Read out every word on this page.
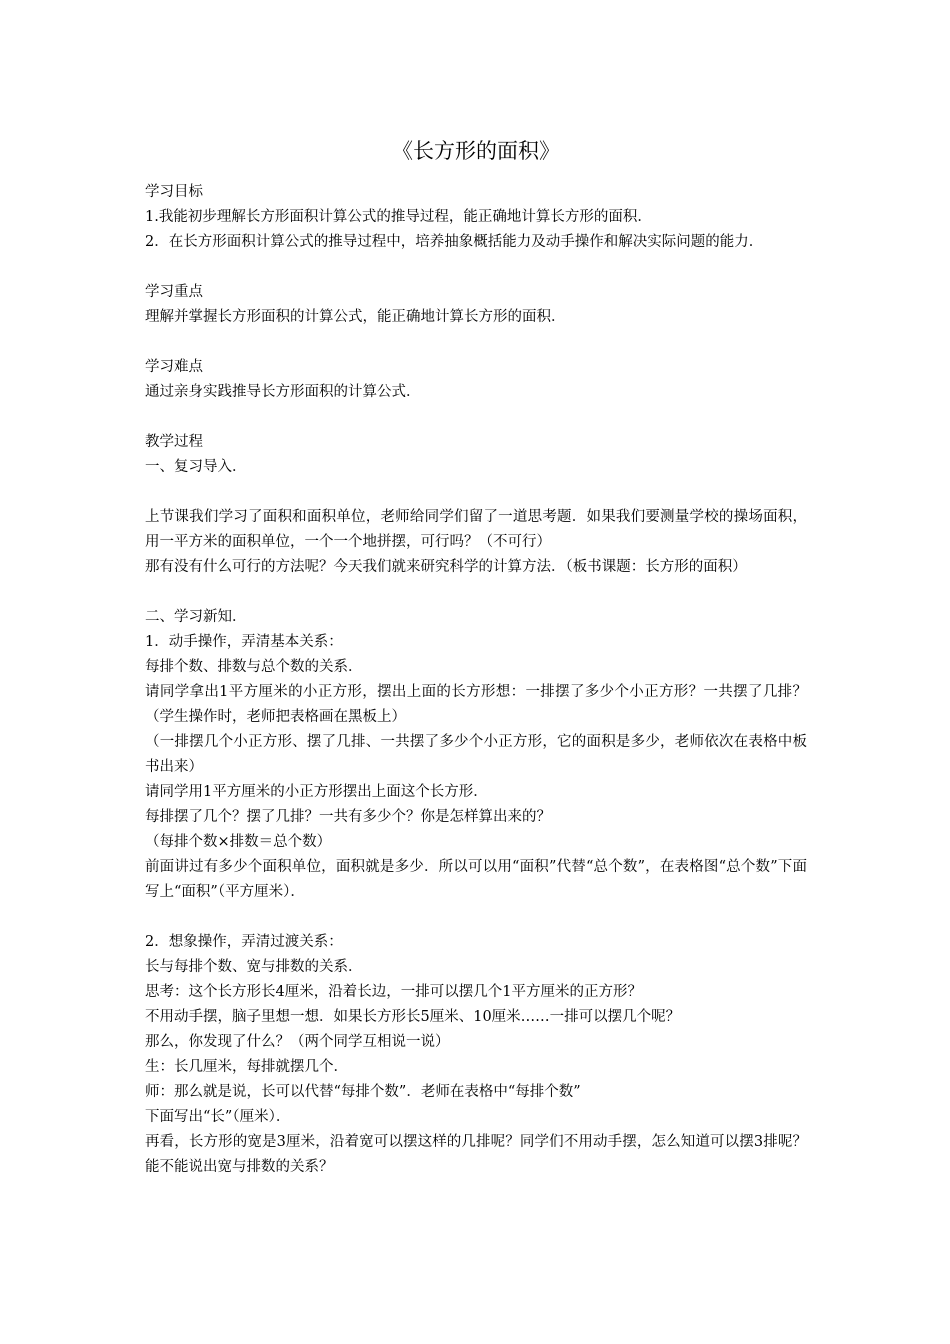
《长方形的面积》

学习目标

1.我能初步理解长方形面积计算公式的推导过程，能正确地计算长方形的面积．

2．在长方形面积计算公式的推导过程中，培养抽象概括能力及动手操作和解决实际问题的能力．

学习重点

理解并掌握长方形面积的计算公式，能正确地计算长方形的面积．

学习难点

通过亲身实践推导长方形面积的计算公式．

教学过程

一、复习导入．

上节课我们学习了面积和面积单位，老师给同学们留了一道思考题．如果我们要测量学校的操场面积，用一平方米的面积单位，一个一个地拼摆，可行吗？（不可行）

那有没有什么可行的方法呢？今天我们就来研究科学的计算方法．（板书课题：长方形的面积）

二、学习新知．

1．动手操作，弄清基本关系：

每排个数、排数与总个数的关系．

请同学拿出1平方厘米的小正方形，摆出上面的长方形想：一排摆了多少个小正方形？一共摆了几排？（学生操作时，老师把表格画在黑板上）

（一排摆几个小正方形、摆了几排、一共摆了多少个小正方形，它的面积是多少，老师依次在表格中板书出来）

请同学用1平方厘米的小正方形摆出上面这个长方形．

每排摆了几个？摆了几排？一共有多少个？你是怎样算出来的？

（每排个数×排数＝总个数）

前面讲过有多少个面积单位，面积就是多少．所以可以用“面积”代替“总个数”，在表格图“总个数”下面写上“面积”（平方厘米）．

2．想象操作，弄清过渡关系：

长与每排个数、宽与排数的关系．

思考：这个长方形长4厘米，沿着长边，一排可以摆几个1平方厘米的正方形？

不用动手摆，脑子里想一想．如果长方形长5厘米、10厘米……一排可以摆几个呢？

那么，你发现了什么？（两个同学互相说一说）

生：长几厘米，每排就摆几个．

师：那么就是说，长可以代替“每排个数”．老师在表格中“每排个数”

下面写出“长”（厘米）．

再看，长方形的宽是3厘米，沿着宽可以摆这样的几排呢？同学们不用动手摆，怎么知道可以摆3排呢？能不能说出宽与排数的关系？
